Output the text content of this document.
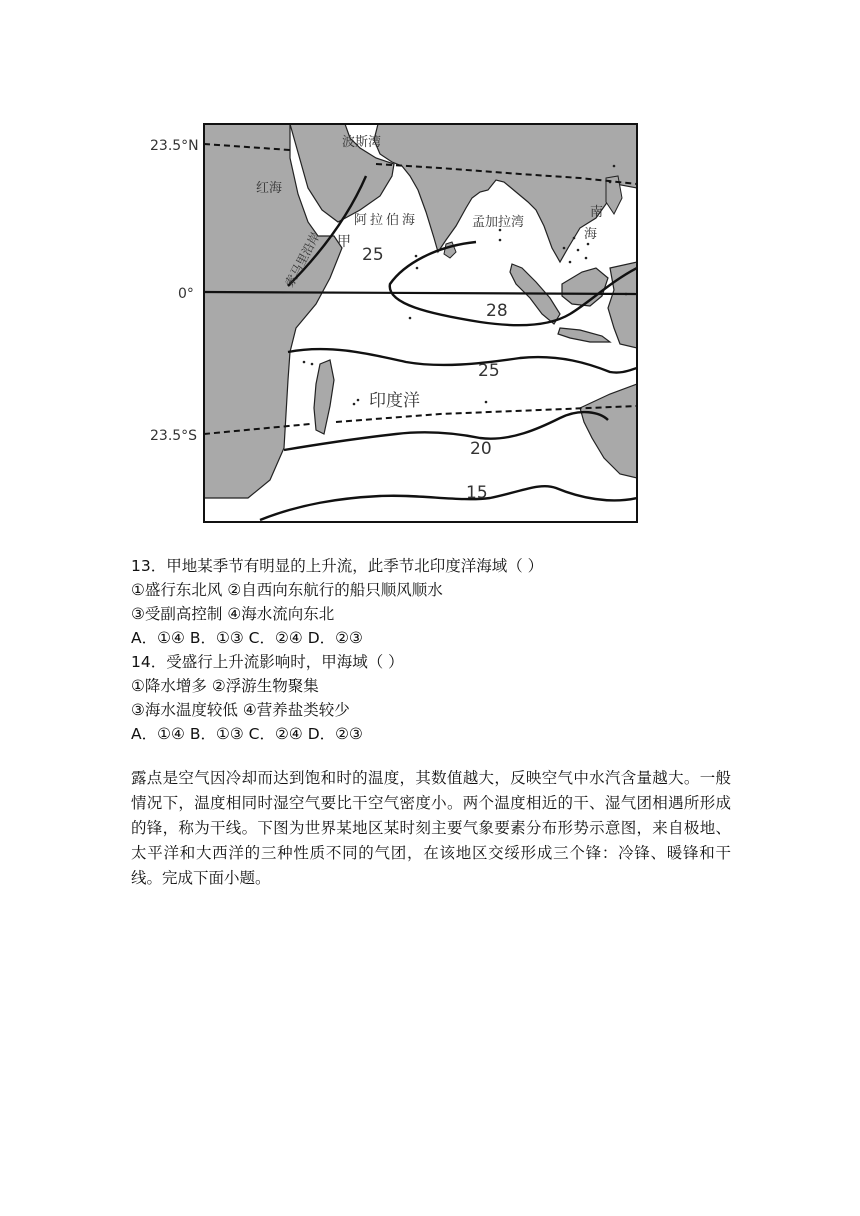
23.5°N
0°
23.5°S
波斯湾
红海
阿拉伯海	孟加拉湾
南
海
索马里沿岸 甲
印度洋
25
28
25
20
15
13．甲地某季节有明显的上升流，此季节北印度洋海域（ ）
①盛行东北风 ②自西向东航行的船只顺风顺水
③受副高控制 ④海水流向东北
A．①④ B．①③ C．②④ D．②③
14．受盛行上升流影响时，甲海域（ ）
①降水增多 ②浮游生物聚集
③海水温度较低 ④营养盐类较少
A．①④ B．①③ C．②④ D．②③
露点是空气因冷却而达到饱和时的温度，其数值越大，反映空气中水汽含量越大。一般情况下，温度相同时湿空气要比干空气密度小。两个温度相近的干、湿气团相遇所形成的锋，称为干线。下图为世界某地区某时刻主要气象要素分布形势示意图，来自极地、太平洋和大西洋的三种性质不同的气团，在该地区交绥形成三个锋：冷锋、暖锋和干线。完成下面小题。
